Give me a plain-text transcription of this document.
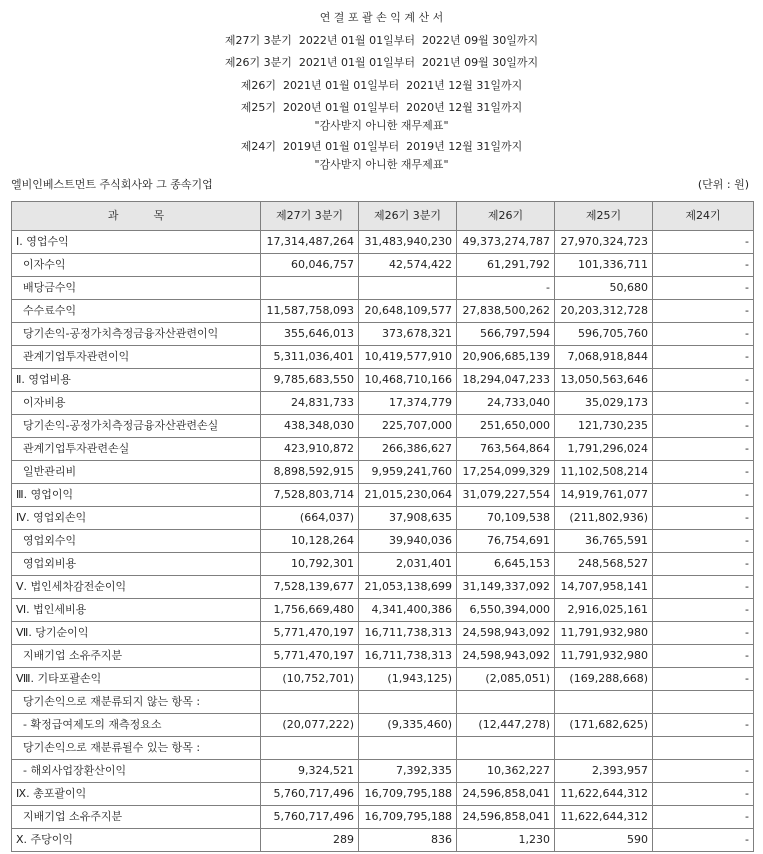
연 결 포 괄 손 익 계 산 서
제27기 3분기  2022년 01월 01일부터  2022년 09월 30일까지
제26기 3분기  2021년 01월 01일부터  2021년 09월 30일까지
제26기  2021년 01월 01일부터  2021년 12월 31일까지
제25기  2020년 01월 01일부터  2020년 12월 31일까지
"감사받지 아니한 재무제표"
제24기  2019년 01월 01일부터  2019년 12월 31일까지
"감사받지 아니한 재무제표"
엘비인베스트먼트 주식회사와 그 종속기업	(단위 : 원)
과          목	제27기 3분기	제26기 3분기	제26기	제25기	제24기
Ⅰ. 영업수익	17,314,487,264	31,483,940,230	49,373,274,787	27,970,324,723	-
이자수익	60,046,757	42,574,422	61,291,792	101,336,711	-
배당금수익			-	50,680	-
수수료수익	11,587,758,093	20,648,109,577	27,838,500,262	20,203,312,728	-
당기손익-공정가치측정금융자산관련이익	355,646,013	373,678,321	566,797,594	596,705,760	-
관계기업투자관련이익	5,311,036,401	10,419,577,910	20,906,685,139	7,068,918,844	-
Ⅱ. 영업비용	9,785,683,550	10,468,710,166	18,294,047,233	13,050,563,646	-
이자비용	24,831,733	17,374,779	24,733,040	35,029,173	-
당기손익-공정가치측정금융자산관련손실	438,348,030	225,707,000	251,650,000	121,730,235	-
관계기업투자관련손실	423,910,872	266,386,627	763,564,864	1,791,296,024	-
일반관리비	8,898,592,915	9,959,241,760	17,254,099,329	11,102,508,214	-
Ⅲ. 영업이익	7,528,803,714	21,015,230,064	31,079,227,554	14,919,761,077	-
Ⅳ. 영업외손익	(664,037)	37,908,635	70,109,538	(211,802,936)	-
영업외수익	10,128,264	39,940,036	76,754,691	36,765,591	-
영업외비용	10,792,301	2,031,401	6,645,153	248,568,527	-
Ⅴ. 법인세차감전순이익	7,528,139,677	21,053,138,699	31,149,337,092	14,707,958,141	-
Ⅵ. 법인세비용	1,756,669,480	4,341,400,386	6,550,394,000	2,916,025,161	-
Ⅶ. 당기순이익	5,771,470,197	16,711,738,313	24,598,943,092	11,791,932,980	-
지배기업 소유주지분	5,771,470,197	16,711,738,313	24,598,943,092	11,791,932,980	-
Ⅷ. 기타포괄손익	(10,752,701)	(1,943,125)	(2,085,051)	(169,288,668)	-
당기손익으로 재분류되지 않는 항목 :					
- 확정급여제도의 재측정요소	(20,077,222)	(9,335,460)	(12,447,278)	(171,682,625)	-
당기손익으로 재분류될수 있는 항목 :					
- 해외사업장환산이익	9,324,521	7,392,335	10,362,227	2,393,957	-
Ⅸ. 총포괄이익	5,760,717,496	16,709,795,188	24,596,858,041	11,622,644,312	-
지배기업 소유주지분	5,760,717,496	16,709,795,188	24,596,858,041	11,622,644,312	-
Ⅹ. 주당이익	289	836	1,230	590	-
